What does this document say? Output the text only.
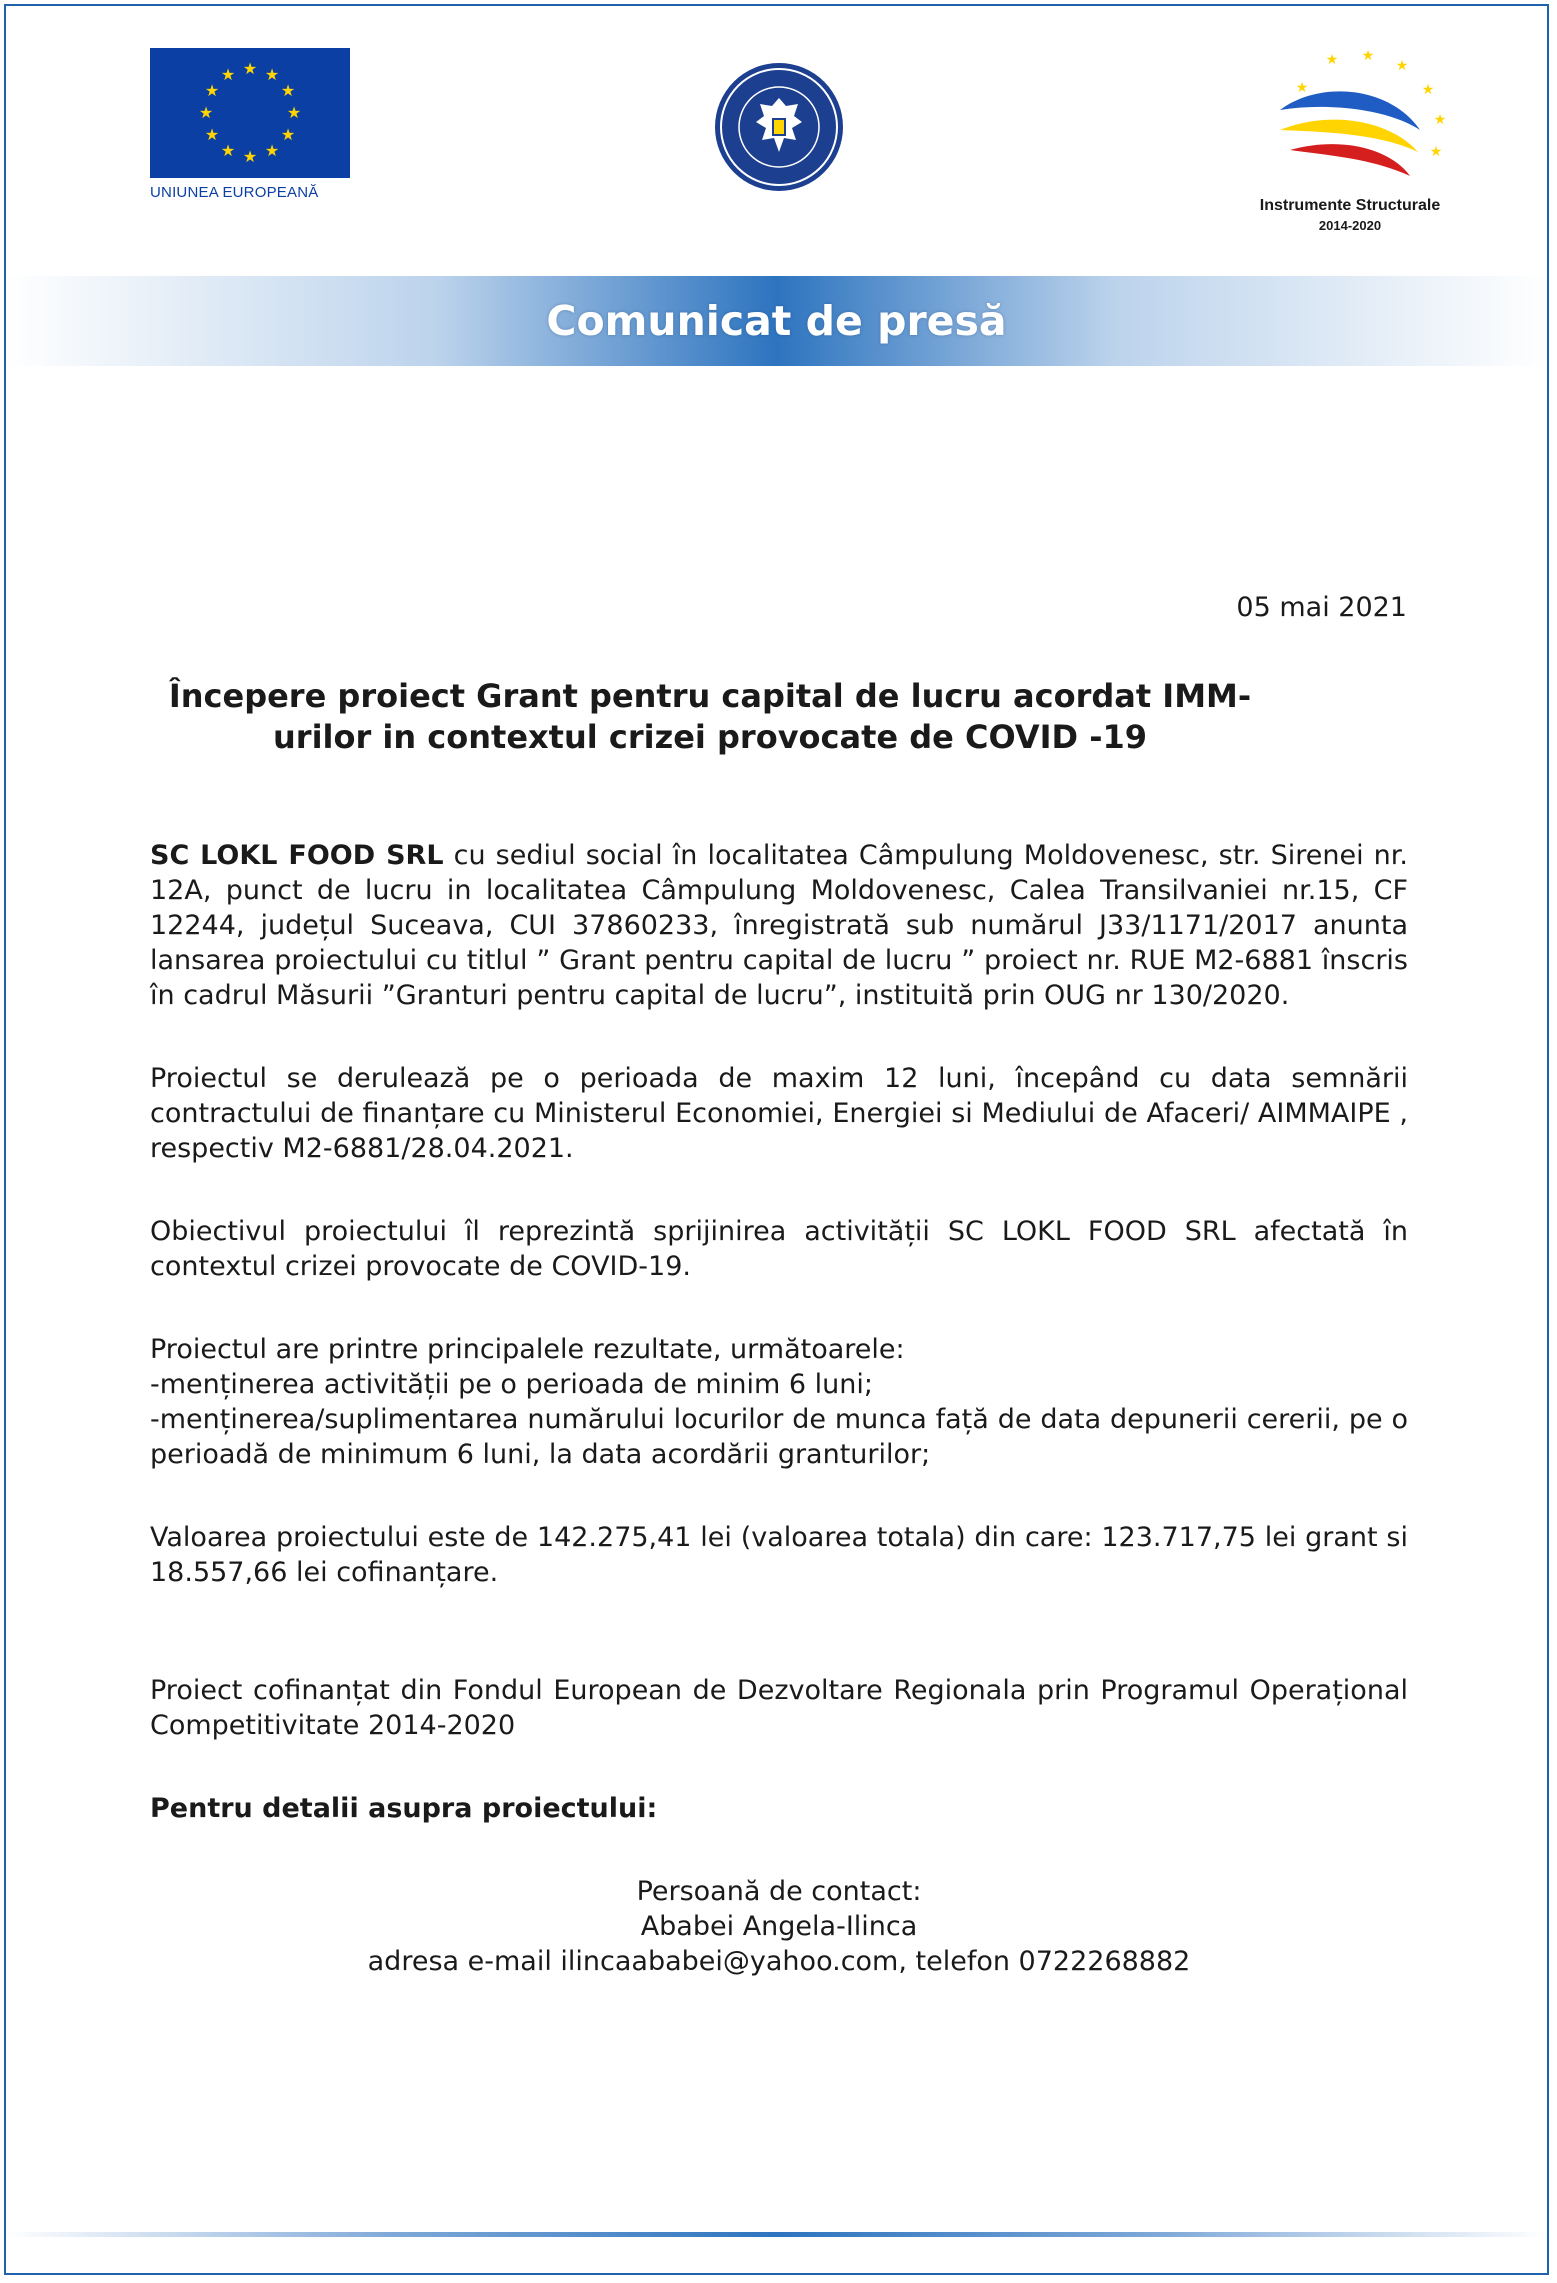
★ ★
★
★
★
★
★
★
★
★
★
★
UNIUNEA EUROPEANĂ
★
★ ★
★
★
★
★
Instrumente Structurale
2014-2020
Comunicat de presă
05 mai 2021
Începere proiect Grant pentru capital de lucru acordat IMM-
urilor in contextul crizei provocate de COVID -19

SC LOKL FOOD SRL cu sediul social în localitatea Câmpulung Moldovenesc, str. Sirenei nr. 12A, punct de lucru in localitatea Câmpulung Moldovenesc, Calea Transilvaniei nr.15, CF 12244, județul Suceava, CUI 37860233, înregistrată sub numărul J33/1171/2017 anunta lansarea proiectului cu titlul ” Grant pentru capital de lucru ” proiect nr. RUE M2-6881 înscris în cadrul Măsurii ”Granturi pentru capital de lucru”, instituită prin OUG nr 130/2020.

Proiectul se derulează pe o perioada de maxim 12 luni, începând cu data semnării contractului de finanțare cu Ministerul Economiei, Energiei si Mediului de Afaceri/ AIMMAIPE , respectiv M2-6881/28.04.2021.

Obiectivul proiectului îl reprezintă sprijinirea activității SC LOKL FOOD SRL afectată în contextul crizei provocate de COVID-19.

Proiectul are printre principalele rezultate, următoarele:

-menținerea activității pe o perioada de minim 6 luni;

-menținerea/suplimentarea numărului locurilor de munca față de data depunerii cererii, pe o perioadă de minimum 6 luni, la data acordării granturilor;

Valoarea proiectului este de 142.275,41 lei (valoarea totala) din care: 123.717,75 lei grant si 18.557,66 lei cofinanțare.

Proiect cofinanțat din Fondul European de Dezvoltare Regionala prin Programul Operațional Competitivitate 2014-2020

Pentru detalii asupra proiectului:

Persoană de contact:
Ababei Angela-Ilinca
adresa e-mail ilincaababei@yahoo.com, telefon 0722268882
